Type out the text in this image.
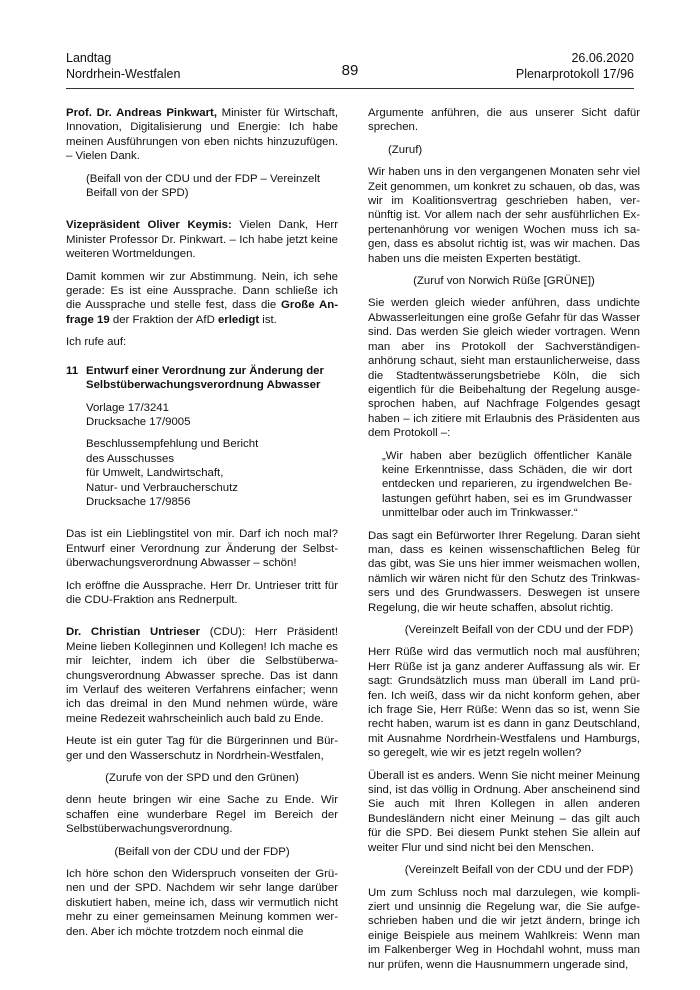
Landtag
Nordrhein-Westfalen	89
26.06.2020
Plenarprotokoll 17/96

Prof. Dr. Andreas Pinkwart, Minister für Wirtschaft, Innovation, Digitalisierung und Energie: Ich habe meinen Ausführungen von eben nichts hinzuzufügen. – Vielen Dank.

(Beifall von der CDU und der FDP – Vereinzelt Beifall von der SPD)

Vizepräsident Oliver Keymis: Vielen Dank, Herr Minister Professor Dr. Pinkwart. – Ich habe jetzt keine weiteren Wortmeldungen.

Damit kommen wir zur Abstimmung. Nein, ich sehe gerade: Es ist eine Aussprache. Dann schließe ich die Aussprache und stelle fest, dass die Große Anfrage 19 der Fraktion der AfD erledigt ist.

Ich rufe auf:

11 Entwurf einer Verordnung zur Änderung der Selbstüberwachungsverordnung Abwasser
Vorlage 17/3241
Drucksache 17/9005
Beschlussempfehlung und Bericht
des Ausschusses
für Umwelt, Landwirtschaft,
Natur- und Verbraucherschutz
Drucksache 17/9856

Das ist ein Lieblingstitel von mir. Darf ich noch mal? Entwurf einer Verordnung zur Änderung der Selbstüberwachungsverordnung Abwasser – schön!

Ich eröffne die Aussprache. Herr Dr. Untrieser tritt für die CDU-Fraktion ans Rednerpult.

Dr. Christian Untrieser (CDU): Herr Präsident! Meine lieben Kolleginnen und Kollegen! Ich mache es mir leichter, indem ich über die Selbstüberwachungsverordnung Abwasser spreche. Das ist dann im Verlauf des weiteren Verfahrens einfacher; wenn ich das dreimal in den Mund nehmen würde, wäre meine Redezeit wahrscheinlich auch bald zu Ende.

Heute ist ein guter Tag für die Bürgerinnen und Bürger und den Wasserschutz in Nordrhein-Westfalen,

(Zurufe von der SPD und den Grünen)

denn heute bringen wir eine Sache zu Ende. Wir schaffen eine wunderbare Regel im Bereich der Selbstüberwachungsverordnung.

(Beifall von der CDU und der FDP)

Ich höre schon den Widerspruch vonseiten der Grünen und der SPD. Nachdem wir sehr lange darüber diskutiert haben, meine ich, dass wir vermutlich nicht mehr zu einer gemeinsamen Meinung kommen werden. Aber ich möchte trotzdem noch einmal die

Argumente anführen, die aus unserer Sicht dafür sprechen.

(Zuruf)

Wir haben uns in den vergangenen Monaten sehr viel Zeit genommen, um konkret zu schauen, ob das, was wir im Koalitionsvertrag geschrieben haben, vernünftig ist. Vor allem nach der sehr ausführlichen Expertenanhörung vor wenigen Wochen muss ich sagen, dass es absolut richtig ist, was wir machen. Das haben uns die meisten Experten bestätigt.

(Zuruf von Norwich Rüße [GRÜNE])

Sie werden gleich wieder anführen, dass undichte Abwasserleitungen eine große Gefahr für das Wasser sind. Das werden Sie gleich wieder vortragen. Wenn man aber ins Protokoll der Sachverständigenanhörung schaut, sieht man erstaunlicherweise, dass die Stadtentwässerungsbetriebe Köln, die sich eigentlich für die Beibehaltung der Regelung ausgesprochen haben, auf Nachfrage Folgendes gesagt haben – ich zitiere mit Erlaubnis des Präsidenten aus dem Protokoll –:

„Wir haben aber bezüglich öffentlicher Kanäle keine Erkenntnisse, dass Schäden, die wir dort entdecken und reparieren, zu irgendwelchen Belastungen geführt haben, sei es im Grundwasser unmittelbar oder auch im Trinkwasser.“

Das sagt ein Befürworter Ihrer Regelung. Daran sieht man, dass es keinen wissenschaftlichen Beleg für das gibt, was Sie uns hier immer weismachen wollen, nämlich wir wären nicht für den Schutz des Trinkwassers und des Grundwassers. Deswegen ist unsere Regelung, die wir heute schaffen, absolut richtig.

(Vereinzelt Beifall von der CDU und der FDP)

Herr Rüße wird das vermutlich noch mal ausführen; Herr Rüße ist ja ganz anderer Auffassung als wir. Er sagt: Grundsätzlich muss man überall im Land prüfen. Ich weiß, dass wir da nicht konform gehen, aber ich frage Sie, Herr Rüße: Wenn das so ist, wenn Sie recht haben, warum ist es dann in ganz Deutschland, mit Ausnahme Nordrhein-Westfalens und Hamburgs, so geregelt, wie wir es jetzt regeln wollen?

Überall ist es anders. Wenn Sie nicht meiner Meinung sind, ist das völlig in Ordnung. Aber anscheinend sind Sie auch mit Ihren Kollegen in allen anderen Bundesländern nicht einer Meinung – das gilt auch für die SPD. Bei diesem Punkt stehen Sie allein auf weiter Flur und sind nicht bei den Menschen.

(Vereinzelt Beifall von der CDU und der FDP)

Um zum Schluss noch mal darzulegen, wie kompliziert und unsinnig die Regelung war, die Sie aufgeschrieben haben und die wir jetzt ändern, bringe ich einige Beispiele aus meinem Wahlkreis: Wenn man im Falkenberger Weg in Hochdahl wohnt, muss man nur prüfen, wenn die Hausnummern ungerade sind,
